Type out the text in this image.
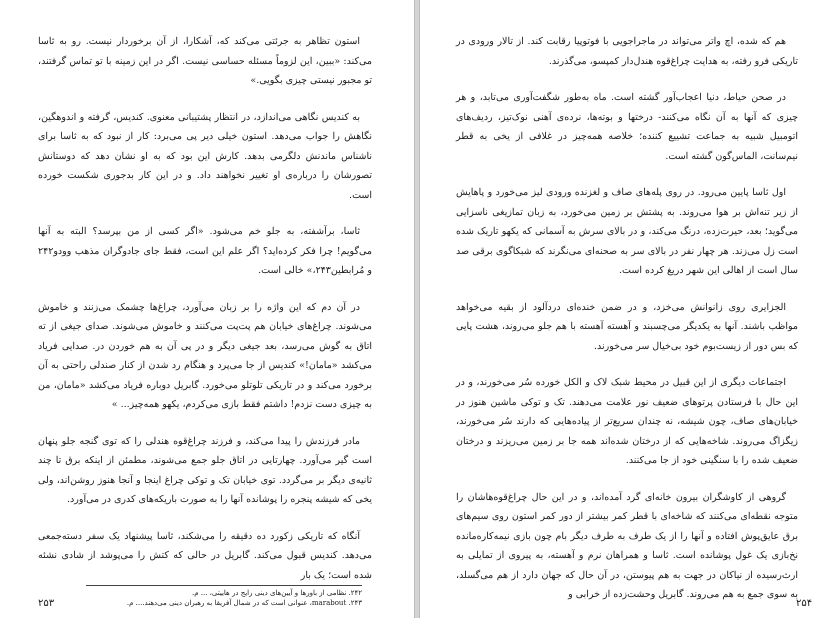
استون تظاهر به جرئتی می‌کند که، آشکارا، از آن برخوردار نیست. رو به ثاسا می‌کند: «ببین، این لزوماً مسئله حساسی نیست. اگر در این زمینه با تو تماس گرفتند، تو مجبور نیستی چیزی بگویی.»

به کندیس نگاهی می‌اندازد، در انتظار پشتیبانی معنوی. کندیس، گرفته و اندوهگین، نگاهش را جواب می‌دهد. استون خیلی دیر پی می‌برد: کار از نبود که به ثاسا برای ناشناس ماندنش دلگرمی بدهد. کارش این بود که به او نشان دهد که دوستانش تصورشان را درباره‌ی او تغییر نخواهند داد. و در این کار بدجوری شکست خورده است.

ثاسا، برآشفته، به جلو خم می‌شود. «اگر کسی از من بپرسد؟ البته به آنها می‌گویم! چرا فکر کرده‌اید؟ اگر علم این است، فقط جای جادوگران مذهب وودو۲۴۲ و مُرابطین۲۴۳،» خالی است.

در آن دم که این واژه را بر زبان می‌آورد، چراغ‌ها چشمک می‌زنند و خاموش می‌شوند. چراغ‌های خیابان هم پت‌پت می‌کنند و خاموش می‌شوند. صدای جیغی از ته اتاق به گوش می‌رسد، بعد جیغی دیگر و در پی آن به هم خوردن در. صدایی فریاد می‌کشد «مامان!» کندیس از جا می‌پرد و هنگام رد شدن از کنار صندلی راحتی به آن برخورد می‌کند و در تاریکی تلوتلو می‌خورد. گابریل دوباره فریاد می‌کشد «مامان، من به چیزی دست نزدم! داشتم فقط بازی می‌کردم، یکهو همه‌چیز... »

مادر فرزندش را پیدا می‌کند، و فرزند چراغ‌قوه هندلی را که توی گنجه جلو پنهان است گیر می‌آورد. چهارتایی در اتاق جلو جمع می‌شوند، مطمئن از اینکه برق تا چند ثانیه‌ی دیگر بر می‌گردد. توی خیابان تک و توکی چراغ اینجا و آنجا هنوز روشن‌اند، ولی یخی که شیشه پنجره را پوشانده آنها را به صورت باریکه‌های کدری در می‌آورد.

آنگاه که تاریکی زکورد ده دقیقه را می‌شکند، ثاسا پیشنهاد یک سفر دسته‌جمعی می‌دهد. کندیس قبول می‌کند. گابریل در حالی که کتش را می‌پوشد از شادی نشئه شده است؛ یک بار

۲۴۲. نظامی از باورها و آیین‌های دینی رایج در هاییتی، ... م.
۲۴۳. marabout، عنوانی است که در شمال آفریقا به رهبران دینی می‌دهند.... م.
۲۵۳

هم که شده، اچ واتر می‌تواند در ماجراجویی با فوتوپیا رقابت کند. از تالار ورودی در تاریکی فرو رفته، به هدایت چراغ‌قوه هندل‌دار کمپسو، می‌گذرند.

در صحن حیاط، دنیا اعجاب‌آور گشته است. ماه به‌طور شگفت‌آوری می‌تابد، و هر چیزی که آنها به آن نگاه می‌کنند- درختها و بوته‌ها، نرده‌ی آهنی نوک‌تیز، ردیف‌های اتومبیل شبیه به جماعت تشییع کننده؛ خلاصه همه‌چیز در غلافی از یخی به قطر نیم‌سانت، الماس‌گون گشته است.

اول ثاسا پایین می‌رود. در روی پله‌های صاف و لغزنده ورودی لیز می‌خورد و پاهایش از زیر تنه‌اش بر هوا می‌روند. به پشتش بر زمین می‌خورد، به زبان تمازیغی ناسزایی می‌گوید؛ بعد، حیرت‌زده، درنگ می‌کند، و در بالای سرش به آسمانی که یکهو تاریک شده است زل می‌زند. هر چهار نفر در بالای سر به صحنه‌ای می‌نگرند که شبکاگوی برقی صد سال است از اهالی این شهر دریغ کرده است.

الجزایری روی زانوانش می‌خزد، و در ضمن خنده‌ای دردآلود از بقیه می‌خواهد مواظب باشند. آنها به یکدیگر می‌چسبند و آهسته آهسته با هم جلو می‌روند، هشت پایی که بس دور از زیست‌بوم خود بی‌خیال سر می‌خورند.

اجتماعات دیگری از این قبیل در محیط شبک لاک و الکل خورده سُر می‌خورند، و در این حال با فرستادن پرتوهای ضعیف نور علامت می‌دهند. تک و توکی ماشین هنوز در خیابان‌های صاف، چون شیشه، نه چندان سریع‌تر از پیاده‌هایی که دارند سُر می‌خورند، زیگزاگ می‌روند. شاخه‌هایی که از درختان شده‌اند همه جا بر زمین می‌ریزند و درختان ضعیف شده را با سنگینی خود از جا می‌کنند.

گروهی از کاوشگران بیرون خانه‌ای گرد آمده‌اند، و در این حال چراغ‌قوه‌هاشان را متوجه نقطه‌ای می‌کنند که شاخه‌ای با قطر کمر بیشتر از دور کمر استون روی سیم‌های برق عایق‌پوش افتاده و آنها را از یک طرف به طرف دیگر بام چون بازی نیمه‌کاره‌مانده نخ‌بازی یک غول پوشانده است. ثاسا و همراهان نرم و آهسته، به پیروی از تمایلی به ارث‌رسیده از نیاکان در جهت به هم پیوستن، در آن حال که جهان دارد از هم می‌گسلد، به سوی جمع به هم می‌روند. گابریل وحشت‌زده از خرابی و

۲۵۴
